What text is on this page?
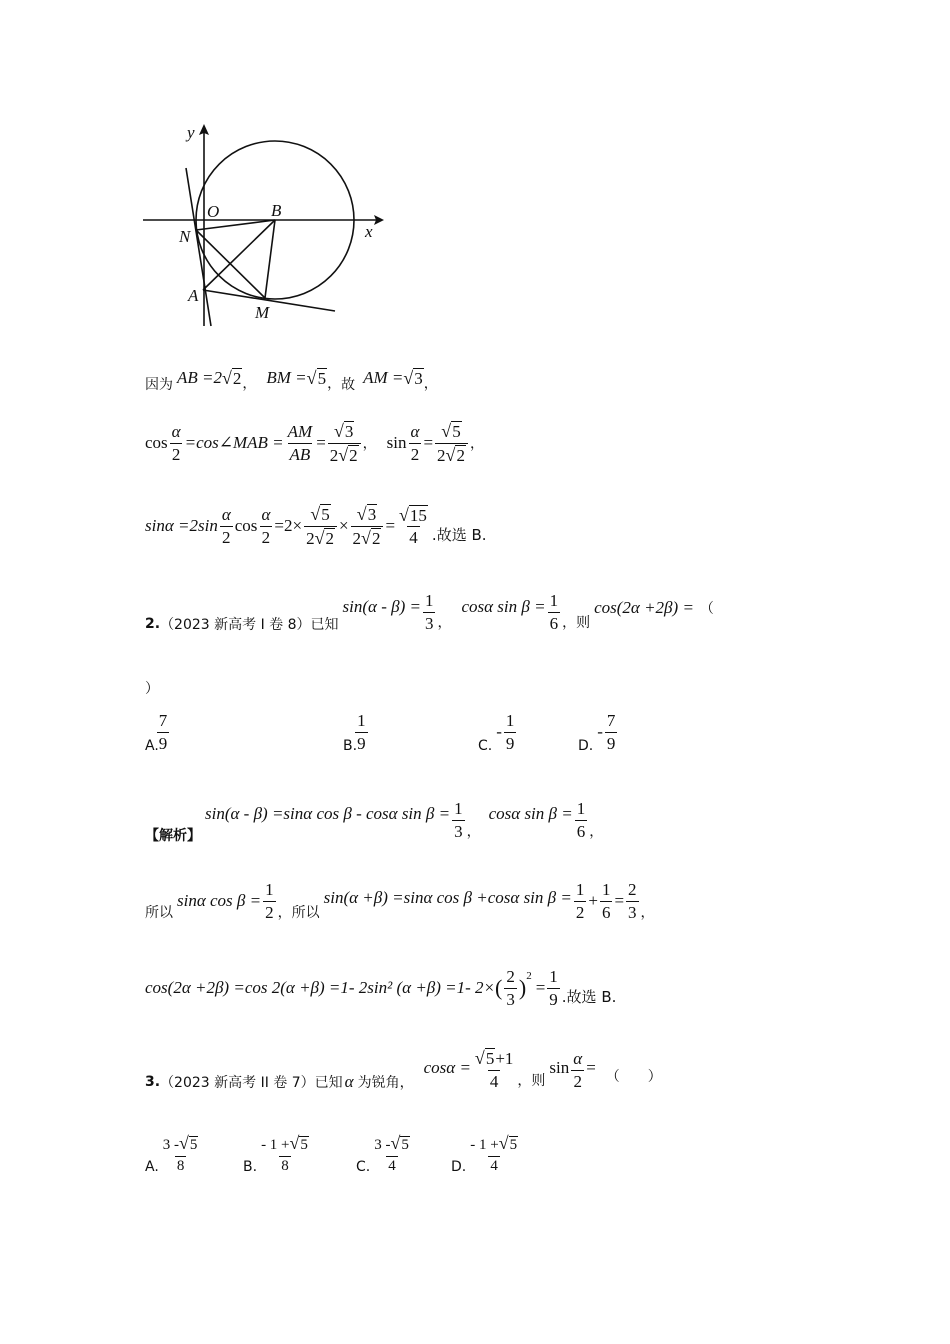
y
x
O	B
N
A
M
因为 AB =2 √2 ， BM = √5 ， 故 AM = √3 ，
$\cos \frac{\alpha}{2}$ =cos∠MAB = $\frac{AM}{AB} = \frac{√3}{2√2}$ ， $\sin \frac{\alpha}{2} = \frac{√5}{2√2}$ ，
$\sin\alpha =2\sin \frac{\alpha}{2}$ $\cos \frac{\alpha}{2} =2\times \frac{√5}{2√2} \times \frac{√3}{2√2} = \frac{√15}{4}$ .故选 B.
2. （2023 新高考 I 卷 8）已知
$\sin(\alpha - \beta) = \frac{1}{3}$ ，
cosα $\sin \beta = \frac{1}{6}$ ，则
cos(2α +2β) = （
）
A.
$\frac{7}{9}$	B.
$\frac{1}{9}$	C.
- $\frac{1}{9}$	D.
- $\frac{7}{9}$
【解析】
sin(α - β) =sinα cos β - cosα $\sin \beta = \frac{1}{3}$ ，
cosα $\sin \beta = \frac{1}{6}$ ，
所以
sinα $\cos \beta = \frac{1}{2}$ ，所以
sin(α +β) =sinα cos β +cosα $\sin \beta = \frac{1}{2} + \frac{1}{6} = \frac{2}{3}$ ，
cos(2α +2β) =cos 2(α +β) =1- 2sin² (α +β) =1- 2× ( $\frac{2}{3}$ ) 2
= $\frac{1}{9}$ .故选 B.
3. （2023 新高考 II 卷 7）已知 α 为锐角，
$\cos\alpha = \frac{√5+1}{4}$ ，则
$\sin \frac{\alpha}{2}$ = （　　）
A. $\frac{3 -√5}{8}$	B. $\frac{- 1 +√5}{8}$	C. $\frac{3 -√5}{4}$	D. $\frac{- 1 +√5}{4}$
